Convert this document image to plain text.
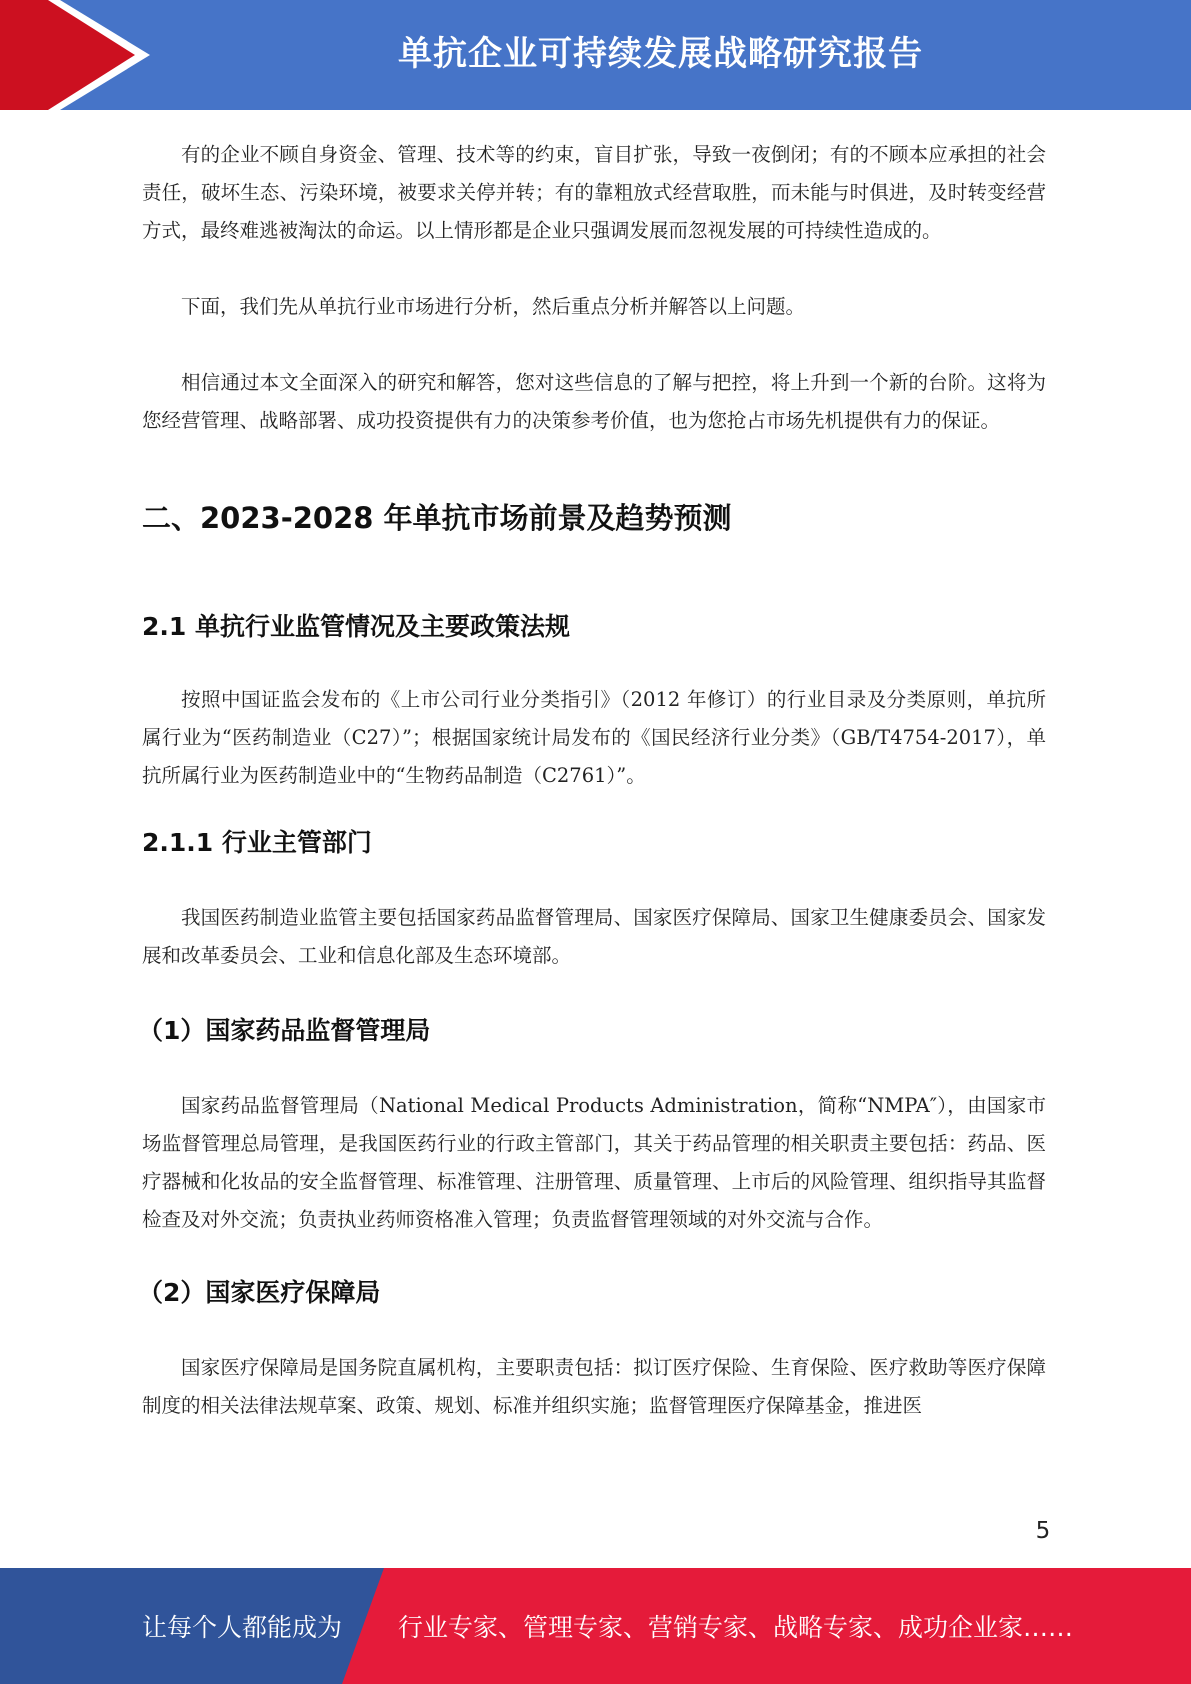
单抗企业可持续发展战略研究报告

有的企业不顾自身资金、管理、技术等的约束，盲目扩张，导致一夜倒闭；有的不顾本应承担的社会责任，破坏生态、污染环境，被要求关停并转；有的靠粗放式经营取胜，而未能与时俱进，及时转变经营方式，最终难逃被淘汰的命运。以上情形都是企业只强调发展而忽视发展的可持续性造成的。

下面，我们先从单抗行业市场进行分析，然后重点分析并解答以上问题。

相信通过本文全面深入的研究和解答，您对这些信息的了解与把控，将上升到一个新的台阶。这将为您经营管理、战略部署、成功投资提供有力的决策参考价值，也为您抢占市场先机提供有力的保证。

二、2023-2028 年单抗市场前景及趋势预测
2.1 单抗行业监管情况及主要政策法规

按照中国证监会发布的《上市公司行业分类指引》（2012 年修订）的行业目录及分类原则，单抗所属行业为“医药制造业（C27）”；根据国家统计局发布的《国民经济行业分类》（GB/T4754-2017），单抗所属行业为医药制造业中的“生物药品制造（C2761）”。

2.1.1 行业主管部门

我国医药制造业监管主要包括国家药品监督管理局、国家医疗保障局、国家卫生健康委员会、国家发展和改革委员会、工业和信息化部及生态环境部。

（1）国家药品监督管理局

国家药品监督管理局（National Medical Products Administration，简称“NMPA″），由国家市场监督管理总局管理，是我国医药行业的行政主管部门，其关于药品管理的相关职责主要包括：药品、医疗器械和化妆品的安全监督管理、标准管理、注册管理、质量管理、上市后的风险管理、组织指导其监督检查及对外交流；负责执业药师资格准入管理；负责监督管理领域的对外交流与合作。

（2）国家医疗保障局

国家医疗保障局是国务院直属机构，主要职责包括：拟订医疗保险、生育保险、医疗救助等医疗保障制度的相关法律法规草案、政策、规划、标准并组织实施；监督管理医疗保障基金，推进医

5
让每个人都能成为 行业专家、管理专家、营销专家、战略专家、成功企业家……
